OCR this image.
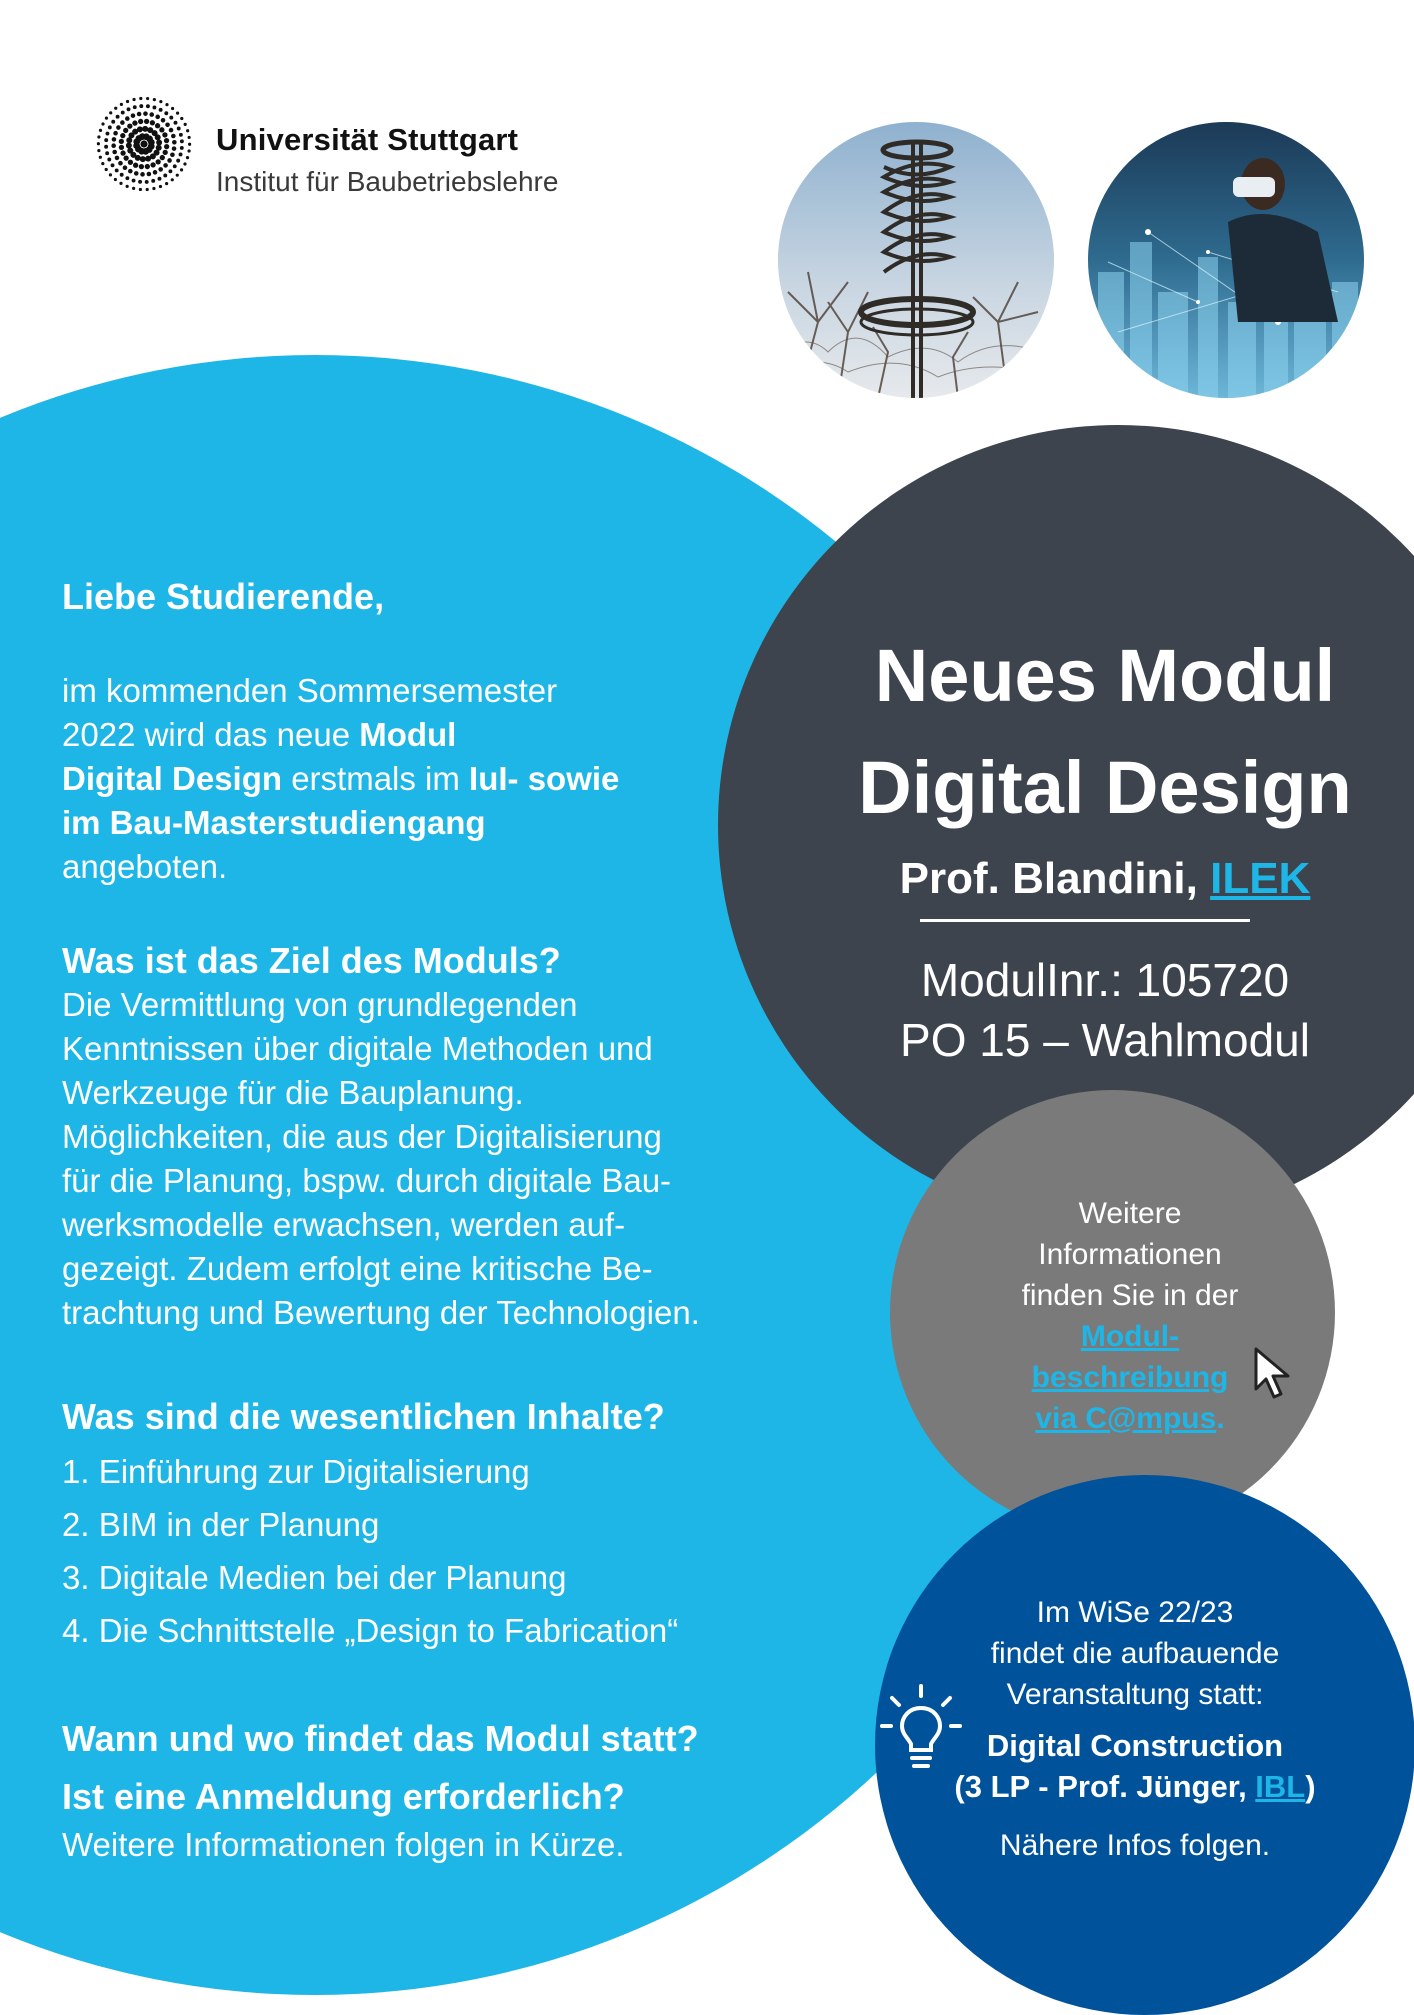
Universität Stuttgart
Institut für Baubetriebslehre
Liebe Studierende,

im kommenden Sommersemester

2022 wird das neue Modul

Digital Design erstmals im IuI- sowie

im Bau-Masterstudiengang

angeboten.

Was ist das Ziel des Moduls?

Die Vermittlung von grundlegenden

Kenntnissen über digitale Methoden und

Werkzeuge für die Bauplanung.

Möglichkeiten, die aus der Digitalisierung

für die Planung, bspw. durch digitale Bau-

werksmodelle erwachsen, werden auf-

gezeigt. Zudem erfolgt eine kritische Be-

trachtung und Bewertung der Technologien.

Was sind die wesentlichen Inhalte?
1. Einführung zur Digitalisierung
2. BIM in der Planung
3. Digitale Medien bei der Planung
4. Die Schnittstelle „Design to Fabrication“
Wann und wo findet das Modul statt?
Ist eine Anmeldung erforderlich?

Weitere Informationen folgen in Kürze.

Neues Modul
Digital Design
Prof. Blandini, ILEK
ModulInr.: 105720
PO 15 – Wahlmodul
Weitere
Informationen
finden Sie in der
Modul-
beschreibung
via C@mpus.
Im WiSe 22/23
findet die aufbauende
Veranstaltung statt:
Digital Construction
(3 LP - Prof. Jünger, IBL)
Nähere Infos folgen.
